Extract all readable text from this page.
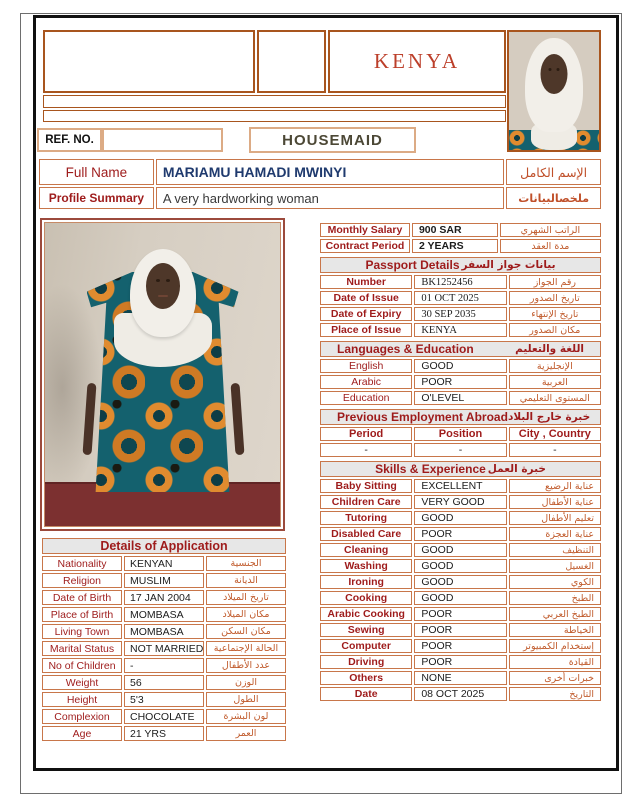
KENYA
REF. NO.	HOUSEMAID
Full Name	MARIAMU HAMADI MWINYI	الإسم الكامل
Profile Summary	A very hardworking woman	ملخصالبيانات
Details of Application		
Nationality	KENYAN	الجنسية
Religion	MUSLIM	الديانة
Date of Birth	17 JAN 2004	تاريخ الميلاد
Place of Birth	MOMBASA	مكان الميلاد
Living Town	MOMBASA	مكان السكن
Marital Status	NOT MARRIED	الحالة الإجتماعية
No of Children	-	عدد الأطفال
Weight	56	الوزن
Height	5'3	الطول
Complexion	CHOCOLATE	لون البشرة
Age	21 YRS	العمر
Monthly Salary	900 SAR	الراتب الشهري
Contract Period	2 YEARS	مدة العقد
Passport Details بيانات جواز السفر		

Number	BK1252456	رقم الجواز
Date of Issue	01 OCT 2025	تاريخ الصدور
Date of Expiry	30 SEP 2035	تاريخ الإنتهاء
Place of Issue	KENYA	مكان الصدور
Languages & Education اللغة والتعليم		

English	GOOD	الإنجليزية
Arabic	POOR	العربية
Education	O'LEVEL	المستوى التعليمي
Previous Employment Abroad خبرة خارج البلاد		

Period	Position	City , Country
-	-	-
Skills & Experience خبرة العمل		

Baby Sitting	EXCELLENT	عناية الرضيع
Children Care	VERY GOOD	عناية الأطفال
Tutoring	GOOD	تعليم الأطفال
Disabled Care	POOR	عناية العجزة
Cleaning	GOOD	التنظيف
Washing	GOOD	الغسيل
Ironing	GOOD	الكوي
Cooking	GOOD	الطبخ
Arabic Cooking	POOR	الطبخ العربي
Sewing	POOR	الخياطة
Computer	POOR	إستخدام الكمبيوتر
Driving	POOR	القيادة
Others	NONE	خبرات أخرى
Date	08 OCT 2025	التاريخ
